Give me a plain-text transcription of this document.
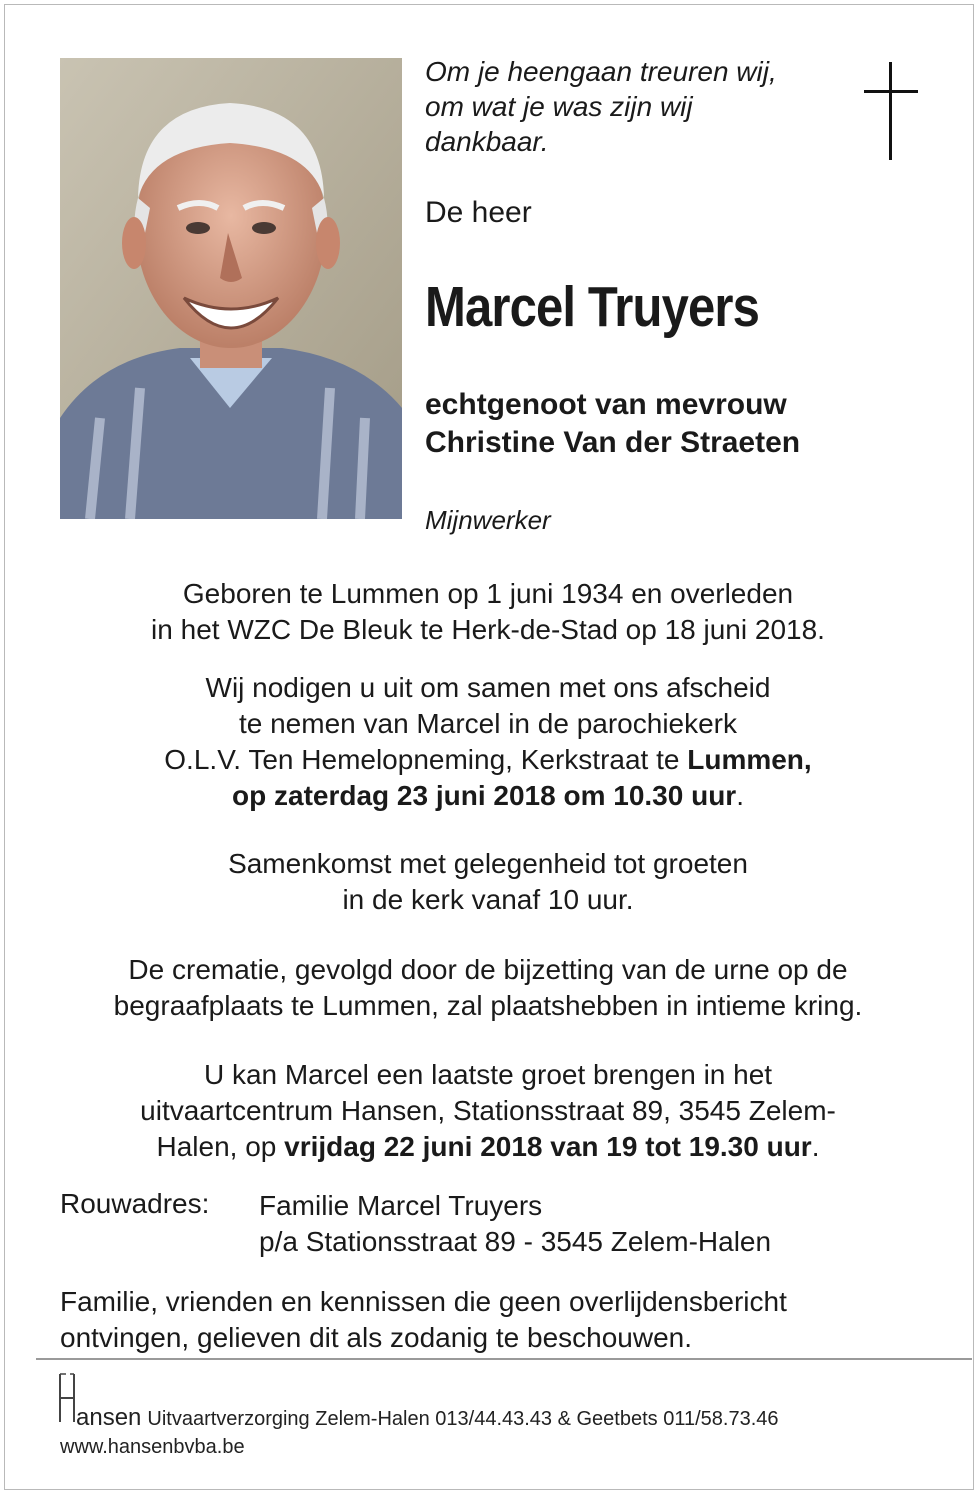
Om je heengaan treuren wij,
om wat je was zijn wij
dankbaar.

De heer

Marcel Truyers
echtgenoot van mevrouw
Christine Van der Straeten

Mijnwerker

Geboren te Lummen op 1 juni 1934 en overleden
in het WZC De Bleuk te Herk-de-Stad op 18 juni 2018.
Wij nodigen u uit om samen met ons afscheid
te nemen van Marcel in de parochiekerk
O.L.V. Ten Hemelopneming, Kerkstraat te Lummen,
op zaterdag 23 juni 2018 om 10.30 uur.
Samenkomst met gelegenheid tot groeten
in de kerk vanaf 10 uur.
De crematie, gevolgd door de bijzetting van de urne op de
begraafplaats te Lummen, zal plaatshebben in intieme kring.
U kan Marcel een laatste groet brengen in het
uitvaartcentrum Hansen, Stationsstraat 89, 3545 Zelem-
Halen, op vrijdag 22 juni 2018 van 19 tot 19.30 uur.

Rouwadres: Familie Marcel Truyers
p/a Stationsstraat 89 - 3545 Zelem-Halen
Familie, vrienden en kennissen die geen overlijdensbericht
ontvingen, gelieven dit als zodanig te beschouwen.

ansen Uitvaartverzorging Zelem-Halen 013/44.43.43 & Geetbets 011/58.73.46

www.hansenbvba.be
